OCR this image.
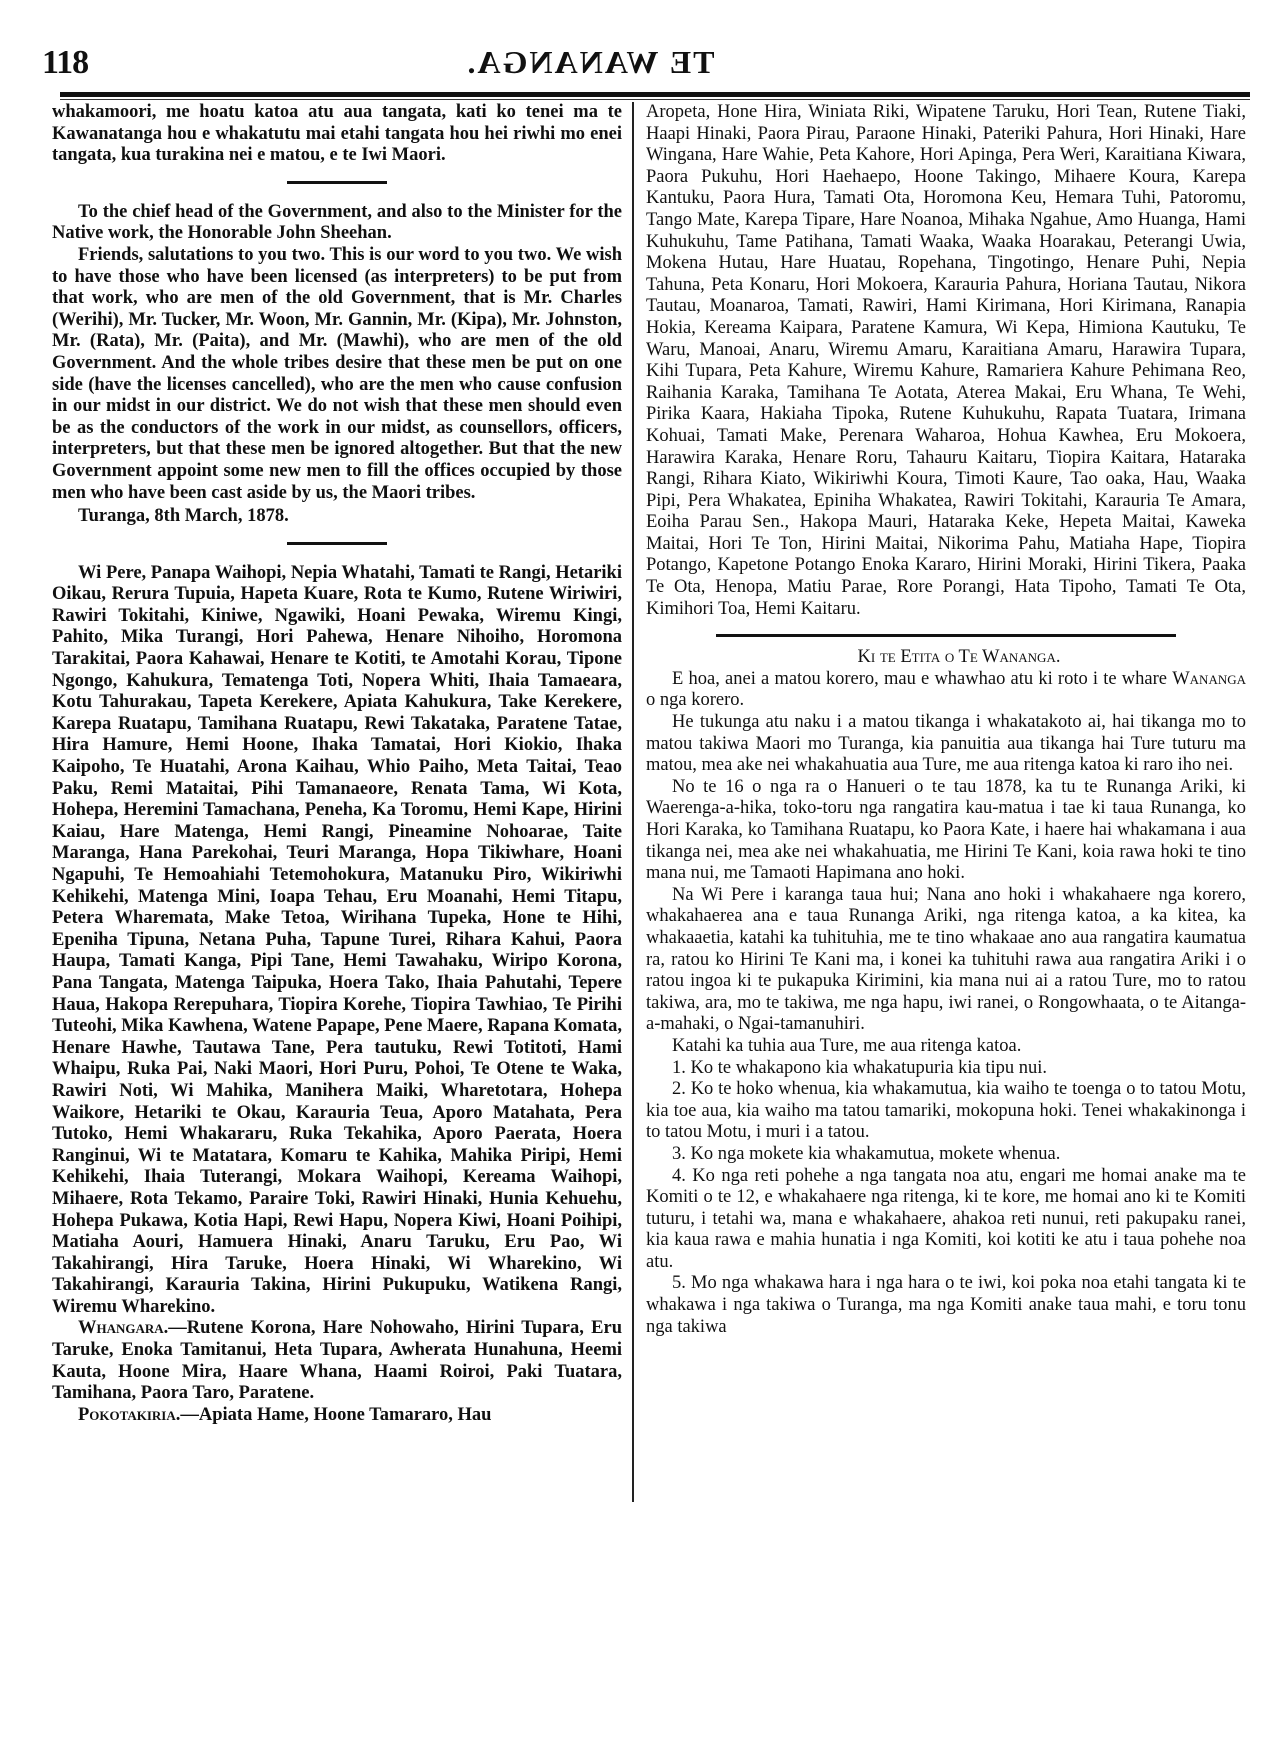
118	TE WANANGA.

whakamoori, me hoatu katoa atu aua tangata, kati ko tenei ma te Kawanatanga hou e whakatutu mai etahi tangata hou hei riwhi mo enei tangata, kua turakina nei e matou, e te Iwi Maori.

To the chief head of the Government, and also to the Minister for the Native work, the Honorable John Sheehan.

Friends, salutations to you two. This is our word to you two. We wish to have those who have been licensed (as interpreters) to be put from that work, who are men of the old Government, that is Mr. Charles (Werihi), Mr. Tucker, Mr. Woon, Mr. Gannin, Mr. (Kipa), Mr. Johnston, Mr. (Rata), Mr. (Paita), and Mr. (Mawhi), who are men of the old Government. And the whole tribes desire that these men be put on one side (have the licenses cancelled), who are the men who cause confusion in our midst in our district. We do not wish that these men should even be as the conductors of the work in our midst, as counsellors, officers, interpreters, but that these men be ignored altogether. But that the new Government appoint some new men to fill the offices occupied by those men who have been cast aside by us, the Maori tribes.

Turanga, 8th March, 1878.

Wi Pere, Panapa Waihopi, Nepia Whatahi, Tamati te Rangi, Hetariki Oikau, Rerura Tupuia, Hapeta Kuare, Rota te Kumo, Rutene Wiriwiri, Rawiri Tokitahi, Kiniwe, Ngawiki, Hoani Pewaka, Wiremu Kingi, Pahito, Mika Turangi, Hori Pahewa, Henare Nihoiho, Horomona Tarakitai, Paora Kahawai, Henare te Kotiti, te Amotahi Korau, Tipone Ngongo, Kahukura, Tematenga Toti, Nopera Whiti, Ihaia Tamaeara, Kotu Tahurakau, Tapeta Kerekere, Apiata Kahukura, Take Kerekere, Karepa Ruatapu, Tamihana Ruatapu, Rewi Takataka, Paratene Tatae, Hira Hamure, Hemi Hoone, Ihaka Tamatai, Hori Kiokio, Ihaka Kaipoho, Te Huatahi, Arona Kaihau, Whio Paiho, Meta Taitai, Teao Paku, Remi Mataitai, Pihi Tamanaeore, Renata Tama, Wi Kota, Hohepa, Heremini Tamachana, Peneha, Ka Toromu, Hemi Kape, Hirini Kaiau, Hare Matenga, Hemi Rangi, Pineamine Nohoarae, Taite Maranga, Hana Parekohai, Teuri Maranga, Hopa Tikiwhare, Hoani Ngapuhi, Te Hemoahiahi Tetemohokura, Matanuku Piro, Wikiriwhi Kehikehi, Matenga Mini, Ioapa Tehau, Eru Moanahi, Hemi Titapu, Petera Wharemata, Make Tetoa, Wirihana Tupeka, Hone te Hihi, Epeniha Tipuna, Netana Puha, Tapune Turei, Rihara Kahui, Paora Haupa, Tamati Kanga, Pipi Tane, Hemi Tawahaku, Wiripo Korona, Pana Tangata, Matenga Taipuka, Hoera Tako, Ihaia Pahutahi, Tepere Haua, Hakopa Rerepuhara, Tiopira Korehe, Tiopira Tawhiao, Te Pirihi Tuteohi, Mika Kawhena, Watene Papape, Pene Maere, Rapana Komata, Henare Hawhe, Tautawa Tane, Pera tautuku, Rewi Totitoti, Hami Whaipu, Ruka Pai, Naki Maori, Hori Puru, Pohoi, Te Otene te Waka, Rawiri Noti, Wi Mahika, Manihera Maiki, Wharetotara, Hohepa Waikore, Hetariki te Okau, Karauria Teua, Aporo Matahata, Pera Tutoko, Hemi Whakararu, Ruka Tekahika, Aporo Paerata, Hoera Ranginui, Wi te Matatara, Komaru te Kahika, Mahika Piripi, Hemi Kehikehi, Ihaia Tuterangi, Mokara Waihopi, Kereama Waihopi, Mihaere, Rota Tekamo, Paraire Toki, Rawiri Hinaki, Hunia Kehuehu, Hohepa Pukawa, Kotia Hapi, Rewi Hapu, Nopera Kiwi, Hoani Poihipi, Matiaha Aouri, Hamuera Hinaki, Anaru Taruku, Eru Pao, Wi Takahirangi, Hira Taruke, Hoera Hinaki, Wi Wharekino, Wi Takahirangi, Karauria Takina, Hirini Pukupuku, Watikena Rangi, Wiremu Wharekino.

Whangara.—Rutene Korona, Hare Nohowaho, Hirini Tupara, Eru Taruke, Enoka Tamitanui, Heta Tupara, Awherata Hunahuna, Heemi Kauta, Hoone Mira, Haare Whana, Haami Roiroi, Paki Tuatara, Tamihana, Paora Taro, Paratene.

Pokotakiria.—Apiata Hame, Hoone Tamararo, Hau

Aropeta, Hone Hira, Winiata Riki, Wipatene Taruku, Hori Tean, Rutene Tiaki, Haapi Hinaki, Paora Pirau, Paraone Hinaki, Pateriki Pahura, Hori Hinaki, Hare Wingana, Hare Wahie, Peta Kahore, Hori Apinga, Pera Weri, Karaitiana Kiwara, Paora Pukuhu, Hori Haehaepo, Hoone Takingo, Mihaere Koura, Karepa Kantuku, Paora Hura, Tamati Ota, Horomona Keu, Hemara Tuhi, Patoromu, Tango Mate, Karepa Tipare, Hare Noanoa, Mihaka Ngahue, Amo Huanga, Hami Kuhukuhu, Tame Patihana, Tamati Waaka, Waaka Hoarakau, Peterangi Uwia, Mokena Hutau, Hare Huatau, Ropehana, Tingotingo, Henare Puhi, Nepia Tahuna, Peta Konaru, Hori Mokoera, Karauria Pahura, Horiana Tautau, Nikora Tautau, Moanaroa, Tamati, Rawiri, Hami Kirimana, Hori Kirimana, Ranapia Hokia, Kereama Kaipara, Paratene Kamura, Wi Kepa, Himiona Kautuku, Te Waru, Manoai, Anaru, Wiremu Amaru, Karaitiana Amaru, Harawira Tupara, Kihi Tupara, Peta Kahure, Wiremu Kahure, Ramariera Kahure Pehimana Reo, Raihania Karaka, Tamihana Te Aotata, Aterea Makai, Eru Whana, Te Wehi, Pirika Kaara, Hakiaha Tipoka, Rutene Kuhukuhu, Rapata Tuatara, Irimana Kohuai, Tamati Make, Perenara Waharoa, Hohua Kawhea, Eru Mokoera, Harawira Karaka, Henare Roru, Tahauru Kaitaru, Tiopira Kaitara, Hataraka Rangi, Rihara Kiato, Wikiriwhi Koura, Timoti Kaure, Tao oaka, Hau, Waaka Pipi, Pera Whakatea, Epiniha Whakatea, Rawiri Tokitahi, Karauria Te Amara, Eoiha Parau Sen., Hakopa Mauri, Hataraka Keke, Hepeta Maitai, Kaweka Maitai, Hori Te Ton, Hirini Maitai, Nikorima Pahu, Matiaha Hape, Tiopira Potango, Kapetone Potango Enoka Kararo, Hirini Moraki, Hirini Tikera, Paaka Te Ota, Henopa, Matiu Parae, Rore Porangi, Hata Tipoho, Tamati Te Ota, Kimihori Toa, Hemi Kaitaru.

Ki te Etita o Te Wananga.

E hoa, anei a matou korero, mau e whawhao atu ki roto i te whare Wananga o nga korero.

He tukunga atu naku i a matou tikanga i whakatakoto ai, hai tikanga mo to matou takiwa Maori mo Turanga, kia panuitia aua tikanga hai Ture tuturu ma matou, mea ake nei whakahuatia aua Ture, me aua ritenga katoa ki raro iho nei.

No te 16 o nga ra o Hanueri o te tau 1878, ka tu te Runanga Ariki, ki Waerenga-a-hika, toko-toru nga rangatira kau-matua i tae ki taua Runanga, ko Hori Karaka, ko Tamihana Ruatapu, ko Paora Kate, i haere hai whakamana i aua tikanga nei, mea ake nei whakahuatia, me Hirini Te Kani, koia rawa hoki te tino mana nui, me Tamaoti Hapimana ano hoki.

Na Wi Pere i karanga taua hui; Nana ano hoki i whakahaere nga korero, whakahaerea ana e taua Runanga Ariki, nga ritenga katoa, a ka kitea, ka whakaaetia, katahi ka tuhituhia, me te tino whakaae ano aua rangatira kaumatua ra, ratou ko Hirini Te Kani ma, i konei ka tuhituhi rawa aua rangatira Ariki i o ratou ingoa ki te pukapuka Kirimini, kia mana nui ai a ratou Ture, mo to ratou takiwa, ara, mo te takiwa, me nga hapu, iwi ranei, o Rongowhaata, o te Aitanga-a-mahaki, o Ngai-tamanuhiri.

Katahi ka tuhia aua Ture, me aua ritenga katoa.

1. Ko te whakapono kia whakatupuria kia tipu nui.

2. Ko te hoko whenua, kia whakamutua, kia waiho te toenga o to tatou Motu, kia toe aua, kia waiho ma tatou tamariki, mokopuna hoki. Tenei whakakinonga i to tatou Motu, i muri i a tatou.

3. Ko nga mokete kia whakamutua, mokete whenua.

4. Ko nga reti pohehe a nga tangata noa atu, engari me homai anake ma te Komiti o te 12, e whakahaere nga ritenga, ki te kore, me homai ano ki te Komiti tuturu, i tetahi wa, mana e whakahaere, ahakoa reti nunui, reti pakupaku ranei, kia kaua rawa e mahia hunatia i nga Komiti, koi kotiti ke atu i taua pohehe noa atu.

5. Mo nga whakawa hara i nga hara o te iwi, koi poka noa etahi tangata ki te whakawa i nga takiwa o Turanga, ma nga Komiti anake taua mahi, e toru tonu nga takiwa
